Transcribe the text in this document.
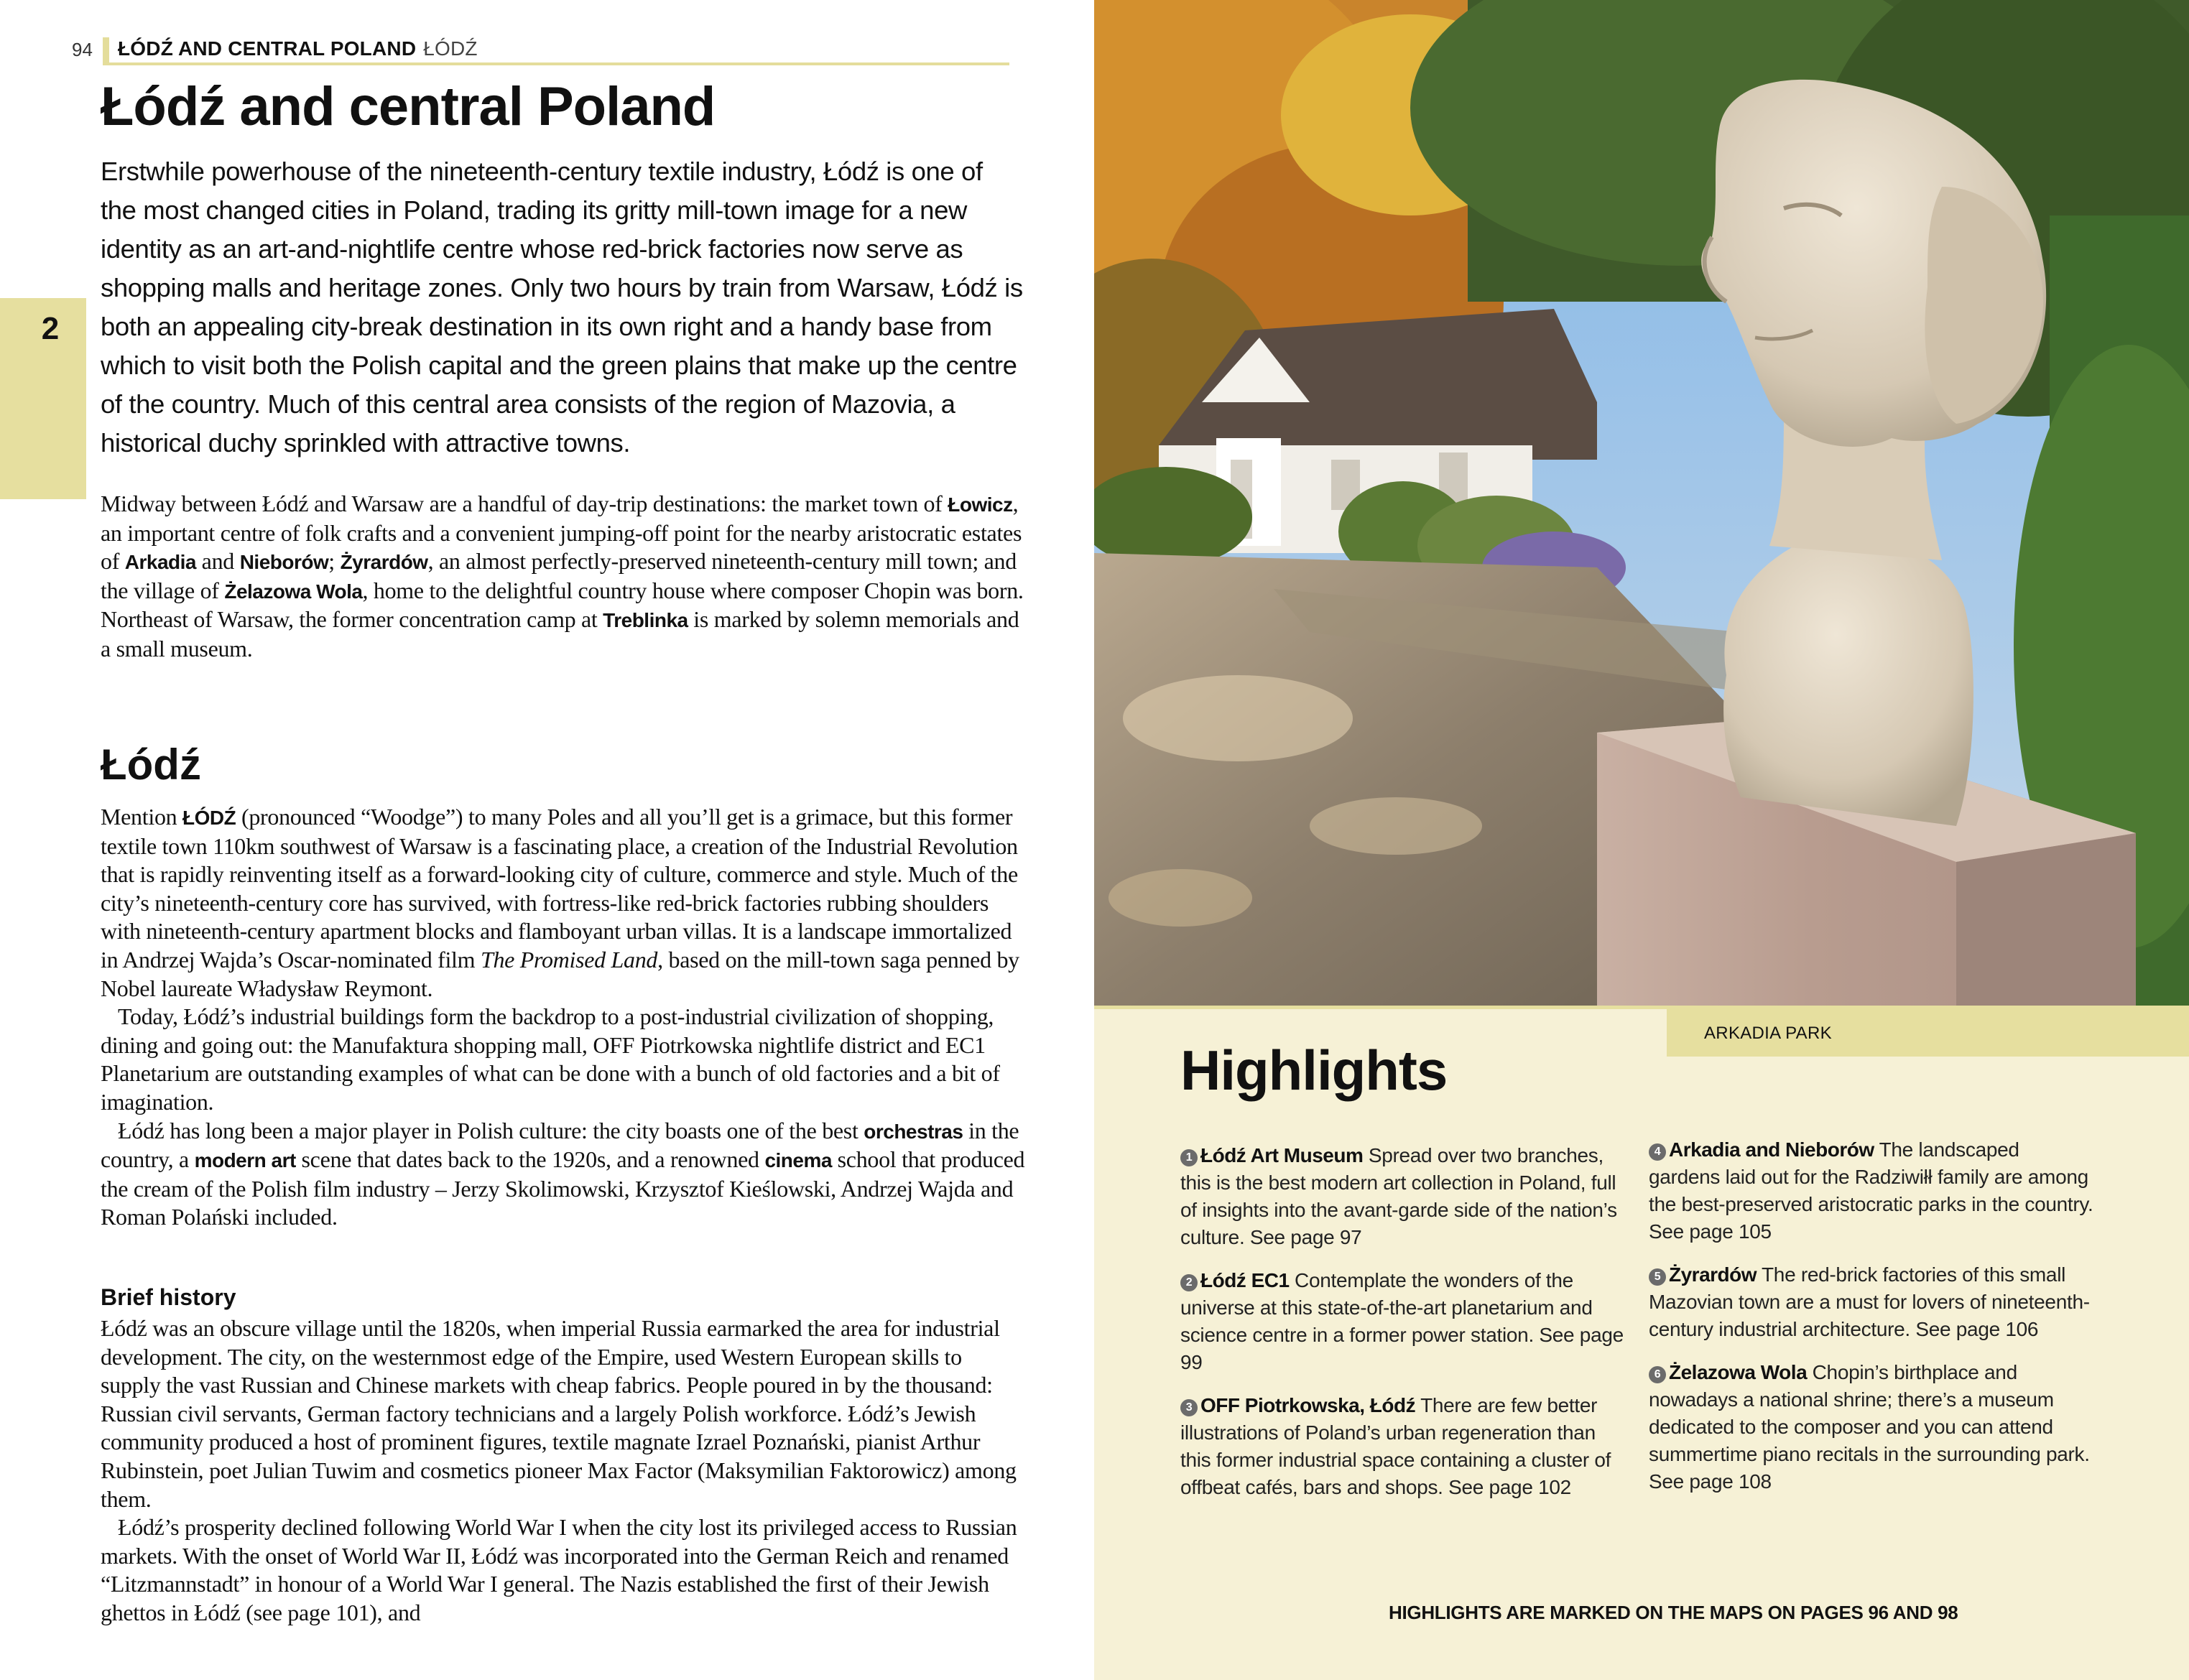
94 ŁÓDŹ AND CENTRAL POLAND ŁÓDŹ
2
Łódź and central Poland

Erstwhile powerhouse of the nineteenth-century textile industry, Łódź is one of the most changed cities in Poland, trading its gritty mill-town image for a new identity as an art-and-nightlife centre whose red-brick factories now serve as shopping malls and heritage zones. Only two hours by train from Warsaw, Łódź is both an appealing city-break destination in its own right and a handy base from which to visit both the Polish capital and the green plains that make up the centre of the country. Much of this central area consists of the region of Mazovia, a historical duchy sprinkled with attractive towns.

Midway between Łódź and Warsaw are a handful of day-trip destinations: the market town of Łowicz, an important centre of folk crafts and a convenient jumping-off point for the nearby aristocratic estates of Arkadia and Nieborów; Żyrardów, an almost perfectly-preserved nineteenth-century mill town; and the village of Żelazowa Wola, home to the delightful country house where composer Chopin was born. Northeast of Warsaw, the former concentration camp at Treblinka is marked by solemn memorials and a small museum.

Łódź

Mention ŁÓDŹ (pronounced “Woodge”) to many Poles and all you’ll get is a grimace, but this former textile town 110km southwest of Warsaw is a fascinating place, a creation of the Industrial Revolution that is rapidly reinventing itself as a forward-looking city of culture, commerce and style. Much of the city’s nineteenth-century core has survived, with fortress-like red-brick factories rubbing shoulders with nineteenth-century apartment blocks and flamboyant urban villas. It is a landscape immortalized in Andrzej Wajda’s Oscar-nominated film The Promised Land, based on the mill-town saga penned by Nobel laureate Władysław Reymont.

Today, Łódź’s industrial buildings form the backdrop to a post-industrial civilization of shopping, dining and going out: the Manufaktura shopping mall, OFF Piotrkowska nightlife district and EC1 Planetarium are outstanding examples of what can be done with a bunch of old factories and a bit of imagination.

Łódź has long been a major player in Polish culture: the city boasts one of the best orchestras in the country, a modern art scene that dates back to the 1920s, and a renowned cinema school that produced the cream of the Polish film industry – Jerzy Skolimowski, Krzysztof Kieślowski, Andrzej Wajda and Roman Polański included.

Brief history

Łódź was an obscure village until the 1820s, when imperial Russia earmarked the area for industrial development. The city, on the westernmost edge of the Empire, used Western European skills to supply the vast Russian and Chinese markets with cheap fabrics. People poured in by the thousand: Russian civil servants, German factory technicians and a largely Polish workforce. Łódź’s Jewish community produced a host of prominent figures, textile magnate Izrael Poznański, pianist Arthur Rubinstein, poet Julian Tuwim and cosmetics pioneer Max Factor (Maksymilian Faktorowicz) among them.

Łódź’s prosperity declined following World War I when the city lost its privileged access to Russian markets. With the onset of World War II, Łódź was incorporated into the German Reich and renamed “Litzmannstadt” in honour of a World War I general. The Nazis established the first of their Jewish ghettos in Łódź (see page 101), and

ARKADIA PARK
Highlights

1 Łódź Art Museum Spread over two branches, this is the best modern art collection in Poland, full of insights into the avant-garde side of the nation’s culture. See page 97

2 Łódź EC1 Contemplate the wonders of the universe at this state-of-the-art planetarium and science centre in a former power station. See page 99

3 OFF Piotrkowska, Łódź There are few better illustrations of Poland’s urban regeneration than this former industrial space containing a cluster of offbeat cafés, bars and shops. See page 102

4 Arkadia and Nieborów The landscaped gardens laid out for the Radziwiłł family are among the best-preserved aristocratic parks in the country. See page 105

5 Żyrardów The red-brick factories of this small Mazovian town are a must for lovers of nineteenth-century industrial architecture. See page 106

6 Żelazowa Wola Chopin’s birthplace and nowadays a national shrine; there’s a museum dedicated to the composer and you can attend summertime piano recitals in the surrounding park. See page 108

HIGHLIGHTS ARE MARKED ON THE MAPS ON PAGES 96 AND 98
